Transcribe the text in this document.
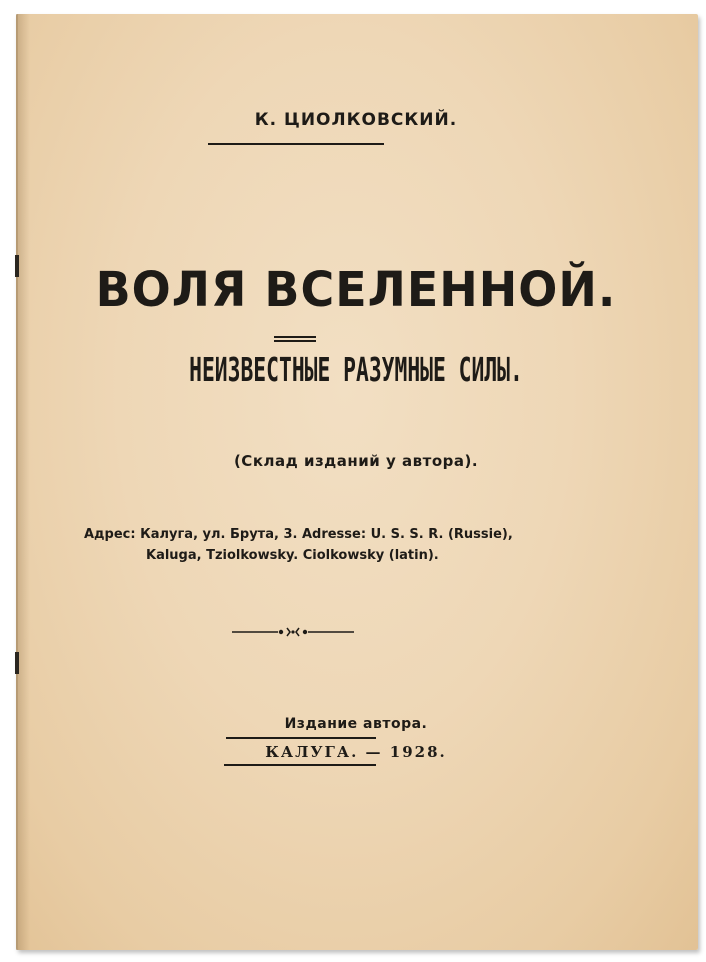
К. ЦИОЛКОВСКИЙ.
ВОЛЯ ВСЕЛЕННОЙ.
НЕИЗВЕСТНЫЕ РАЗУМНЫЕ СИЛЫ.
(Склад изданий у автора).
Адрес: Калуга, ул. Брута, 3. Adresse: U. S. S. R. (Russie),
Kaluga, Tziolkowsky. Ciolkowsky (latin).
Издание автора.
КАЛУГА. — 1928.
